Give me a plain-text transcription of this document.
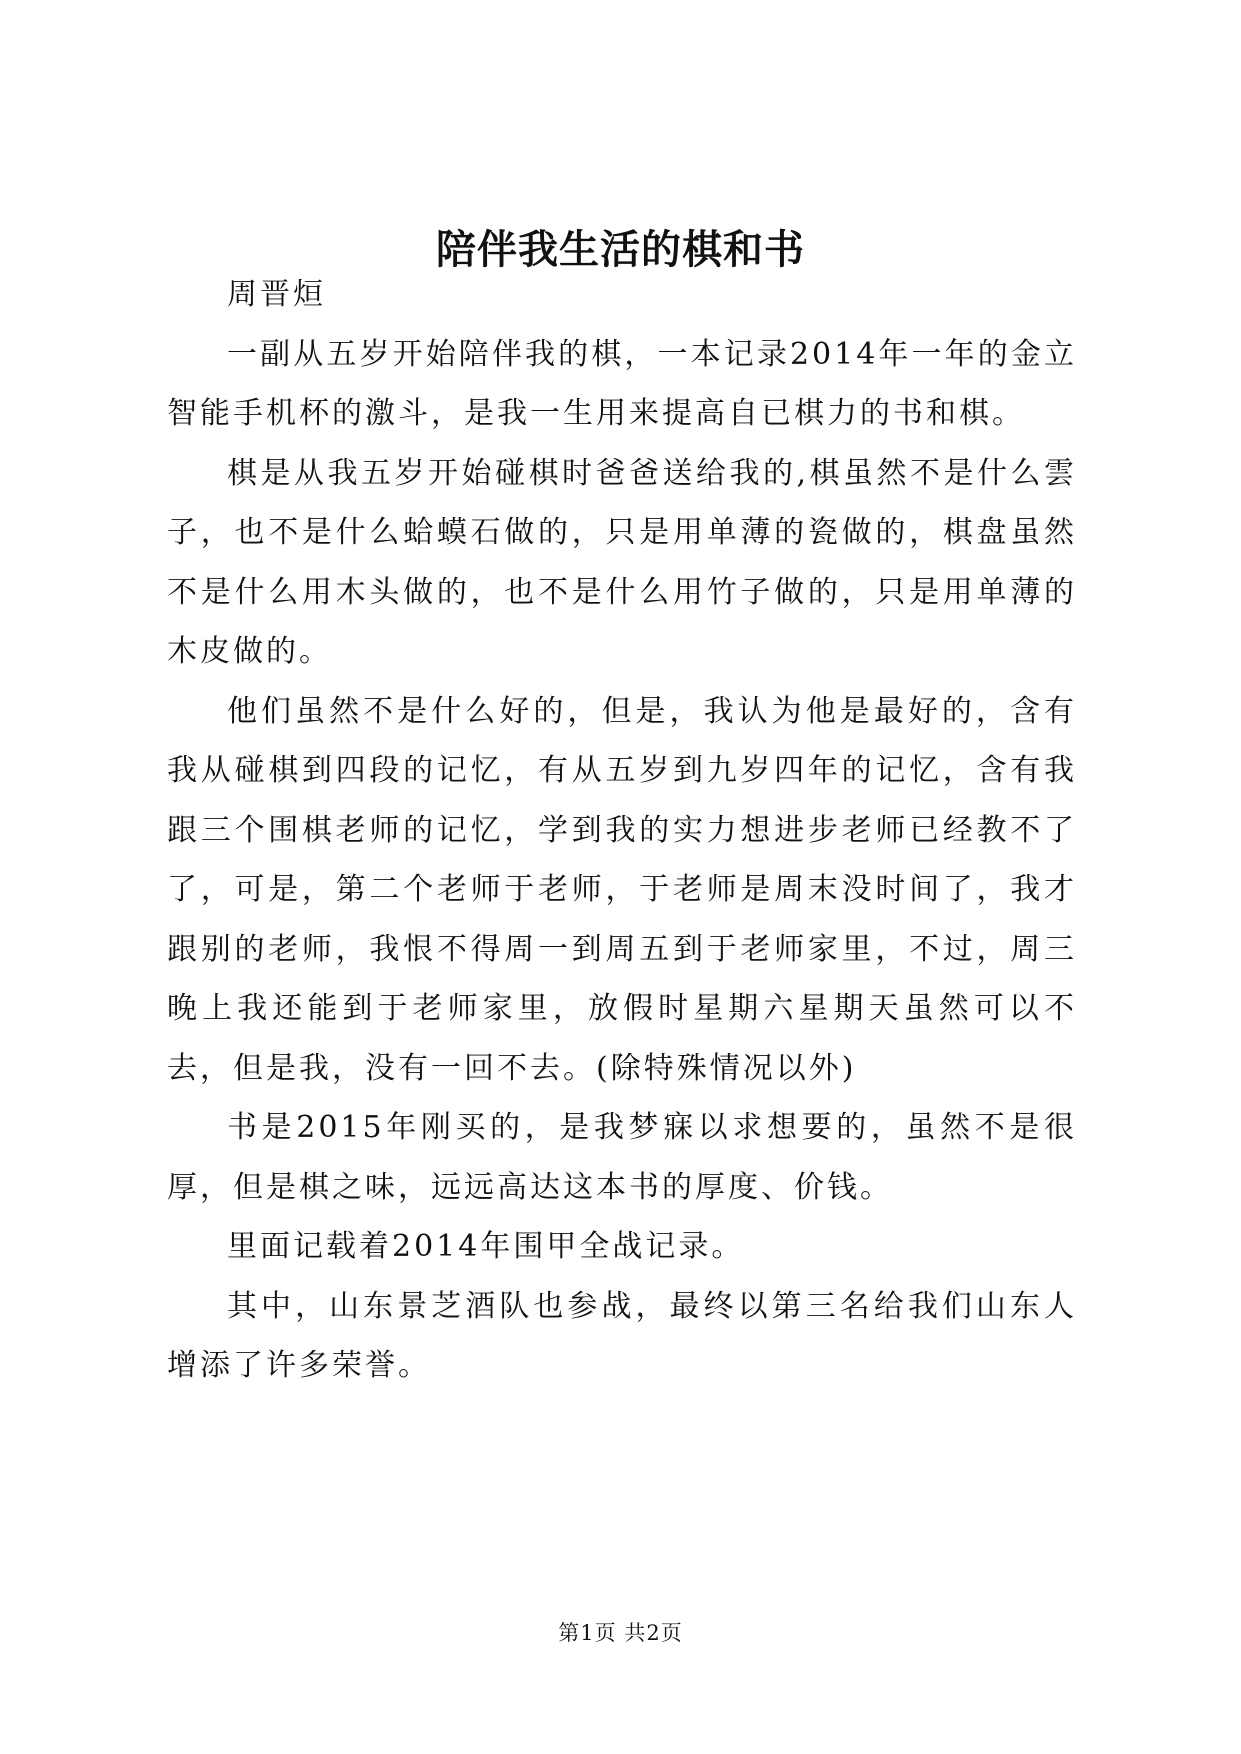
陪伴我生活的棋和书

周晋烜

一副从五岁开始陪伴我的棋，一本记录2014年一年的金立智能手机杯的激斗，是我一生用来提高自已棋力的书和棋。

棋是从我五岁开始碰棋时爸爸送给我的,棋虽然不是什么雲子，也不是什么蛤蟆石做的，只是用单薄的瓷做的，棋盘虽然不是什么用木头做的，也不是什么用竹子做的，只是用单薄的木皮做的。

他们虽然不是什么好的，但是，我认为他是最好的，含有我从碰棋到四段的记忆，有从五岁到九岁四年的记忆，含有我跟三个围棋老师的记忆，学到我的实力想进步老师已经教不了了，可是，第二个老师于老师，于老师是周末没时间了，我才跟别的老师，我恨不得周一到周五到于老师家里，不过，周三晚上我还能到于老师家里，放假时星期六星期天虽然可以不去，但是我，没有一回不去。(除特殊情况以外)

书是2015年刚买的，是我梦寐以求想要的，虽然不是很厚，但是棋之味，远远高达这本书的厚度、价钱。

里面记载着2014年围甲全战记录。

其中，山东景芝酒队也参战，最终以第三名给我们山东人增添了许多荣誉。

第1页 共2页
